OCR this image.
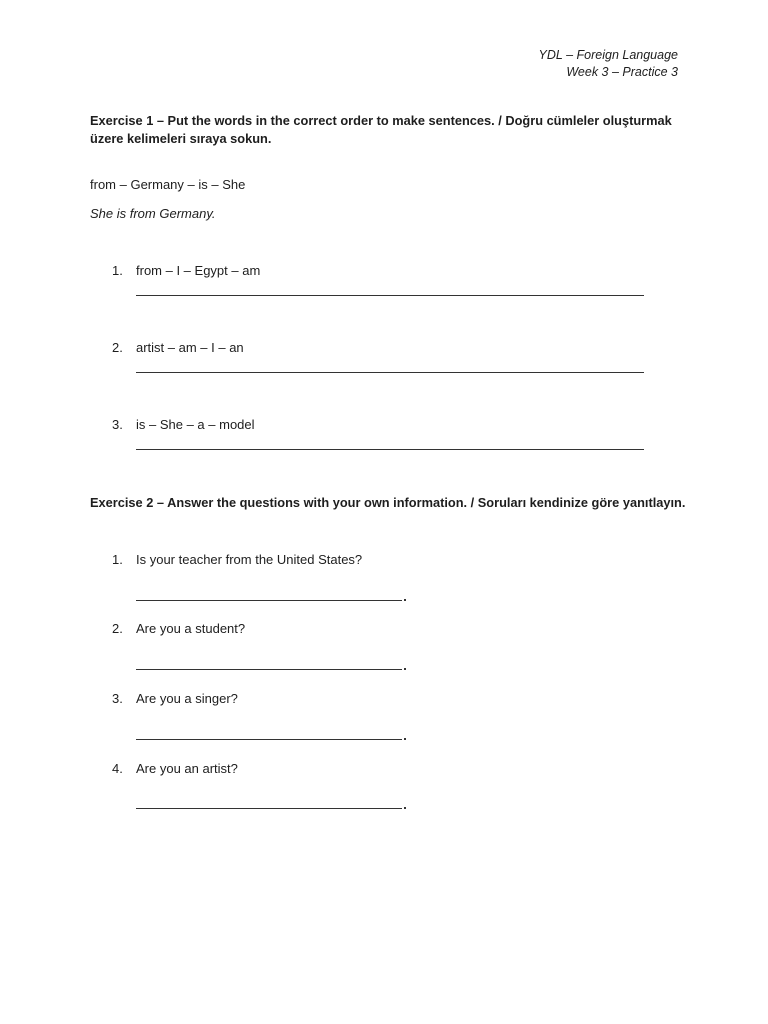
YDL – Foreign Language
Week 3 – Practice 3
Exercise 1 – Put the words in the correct order to make sentences. / Doğru cümleler oluşturmak üzere kelimeleri sıraya sokun.
from – Germany – is – She
She is from Germany.
1. from – I – Egypt – am
2. artist – am – I – an
3. is – She – a – model
Exercise 2 – Answer the questions with your own information. / Soruları kendinize göre yanıtlayın.
1. Is your teacher from the United States?
2. Are you a student?
3. Are you a singer?
4. Are you an artist?
